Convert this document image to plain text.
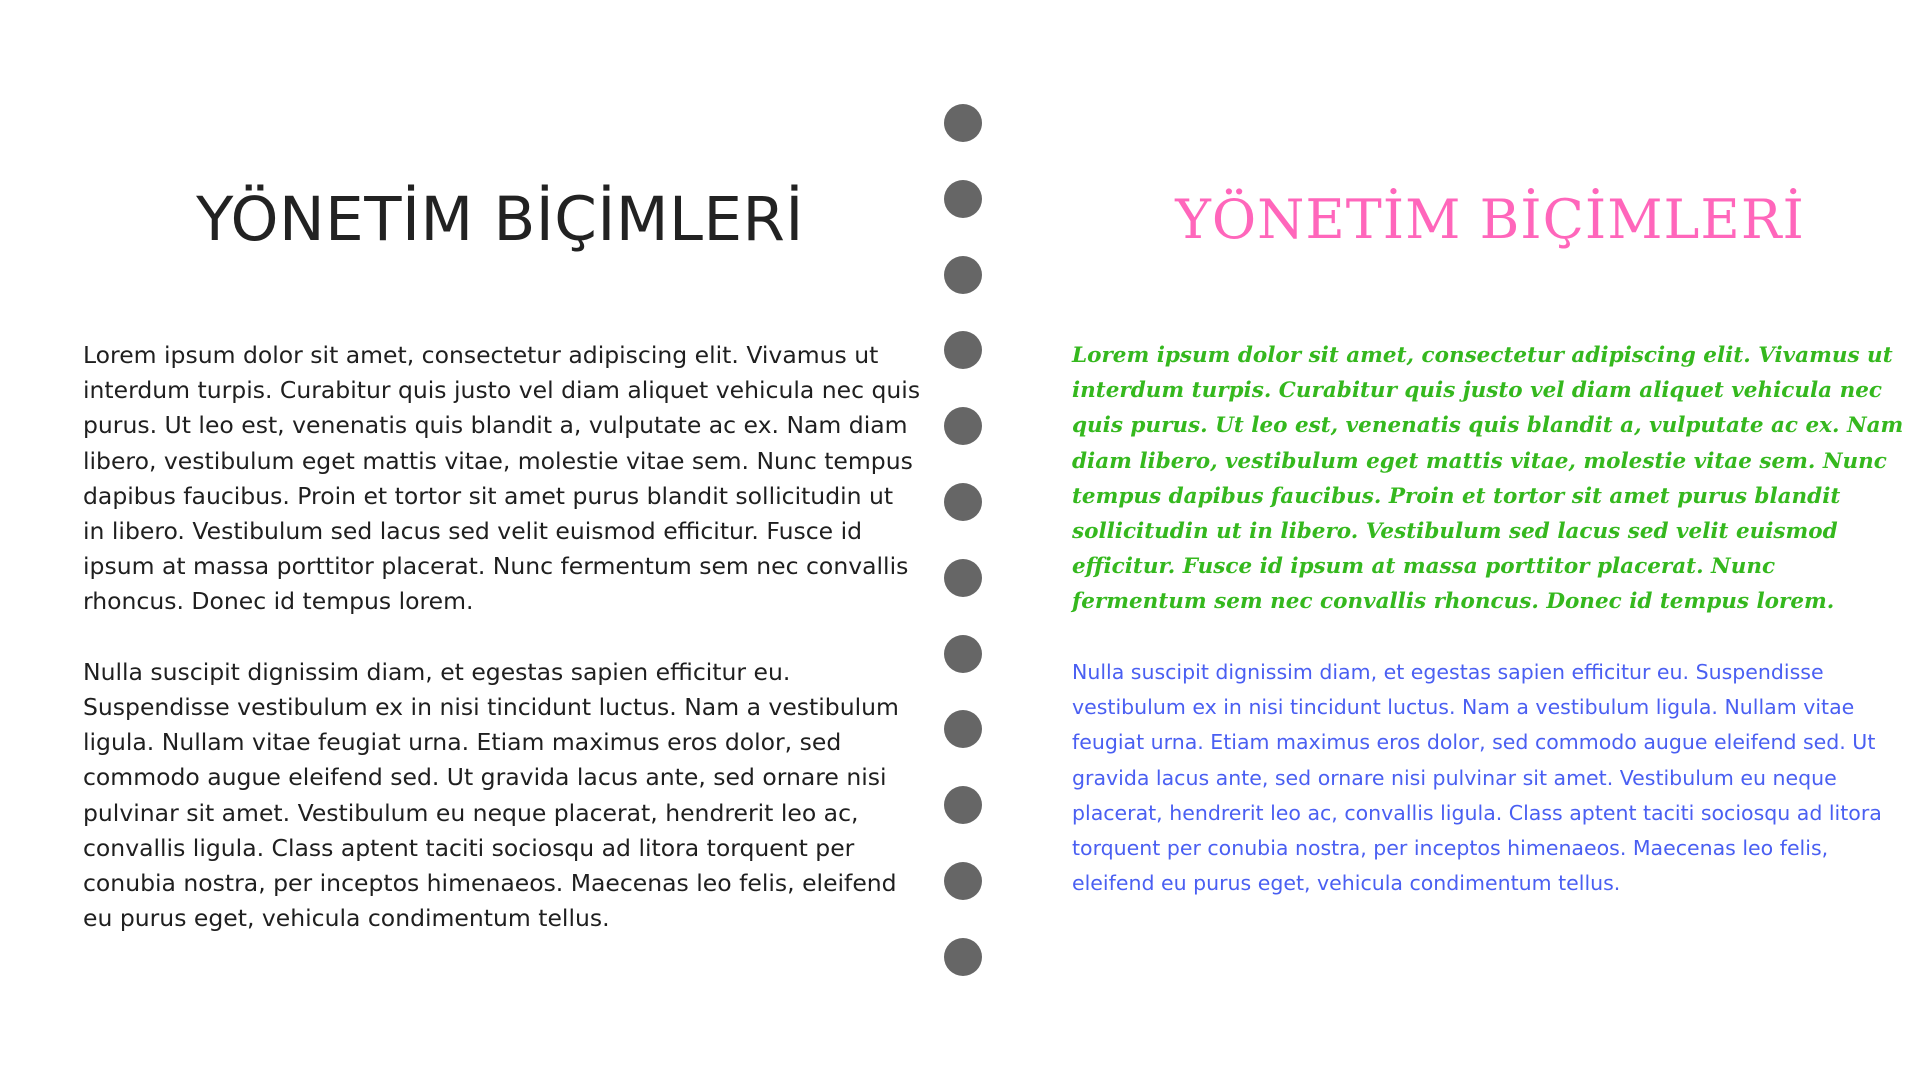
YÖNETİM BİÇİMLERİ

Lorem ipsum dolor sit amet, consectetur adipiscing elit. Vivamus ut interdum turpis. Curabitur quis justo vel diam aliquet vehicula nec quis purus. Ut leo est, venenatis quis blandit a, vulputate ac ex. Nam diam libero, vestibulum eget mattis vitae, molestie vitae sem. Nunc tempus dapibus faucibus. Proin et tortor sit amet purus blandit sollicitudin ut in libero. Vestibulum sed lacus sed velit euismod efficitur. Fusce id ipsum at massa porttitor placerat. Nunc fermentum sem nec convallis rhoncus. Donec id tempus lorem.

Nulla suscipit dignissim diam, et egestas sapien efficitur eu. Suspendisse vestibulum ex in nisi tincidunt luctus. Nam a vestibulum ligula. Nullam vitae feugiat urna. Etiam maximus eros dolor, sed commodo augue eleifend sed. Ut gravida lacus ante, sed ornare nisi pulvinar sit amet. Vestibulum eu neque placerat, hendrerit leo ac, convallis ligula. Class aptent taciti sociosqu ad litora torquent per conubia nostra, per inceptos himenaeos. Maecenas leo felis, eleifend eu purus eget, vehicula condimentum tellus.

YÖNETİM BİÇİMLERİ

Lorem ipsum dolor sit amet, consectetur adipiscing elit. Vivamus ut interdum turpis. Curabitur quis justo vel diam aliquet vehicula nec quis purus. Ut leo est, venenatis quis blandit a, vulputate ac ex. Nam diam libero, vestibulum eget mattis vitae, molestie vitae sem. Nunc tempus dapibus faucibus. Proin et tortor sit amet purus blandit sollicitudin ut in libero. Vestibulum sed lacus sed velit euismod efficitur. Fusce id ipsum at massa porttitor placerat. Nunc fermentum sem nec convallis rhoncus. Donec id tempus lorem.

Nulla suscipit dignissim diam, et egestas sapien efficitur eu. Suspendisse vestibulum ex in nisi tincidunt luctus. Nam a vestibulum ligula. Nullam vitae feugiat urna. Etiam maximus eros dolor, sed commodo augue eleifend sed. Ut gravida lacus ante, sed ornare nisi pulvinar sit amet. Vestibulum eu neque placerat, hendrerit leo ac, convallis ligula. Class aptent taciti sociosqu ad litora torquent per conubia nostra, per inceptos himenaeos. Maecenas leo felis, eleifend eu purus eget, vehicula condimentum tellus.
